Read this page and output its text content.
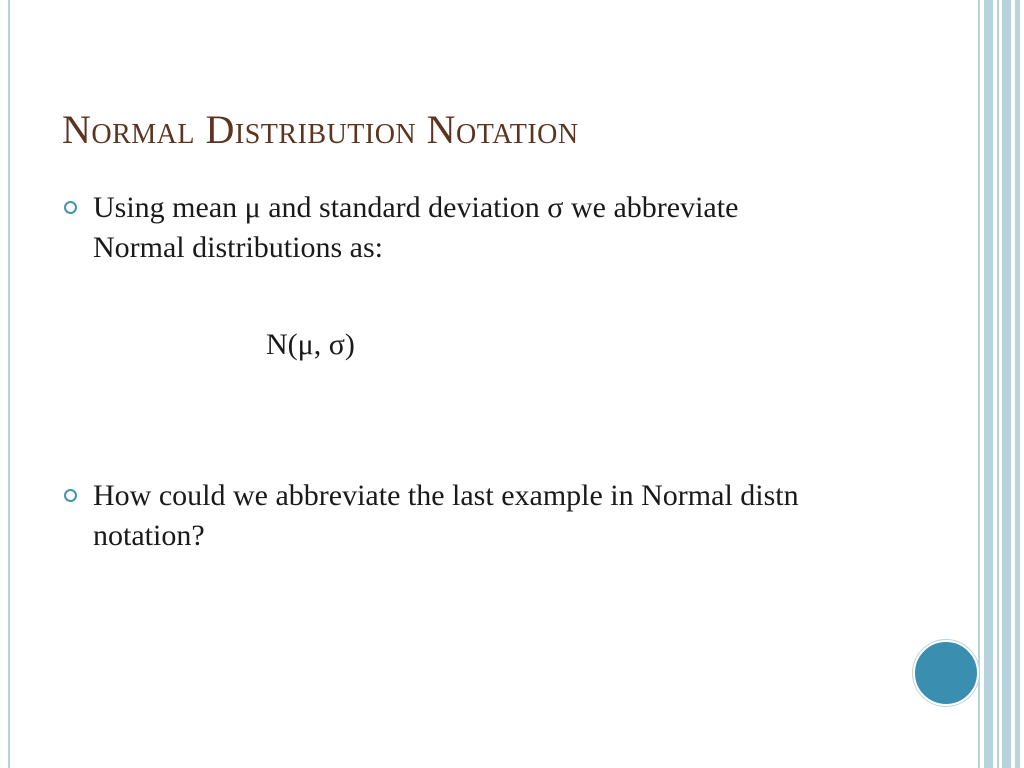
Normal Distribution Notation
Using mean μ and standard deviation σ we abbreviate Normal distributions as:
N(μ, σ)
How could we abbreviate the last example in Normal distn notation?
